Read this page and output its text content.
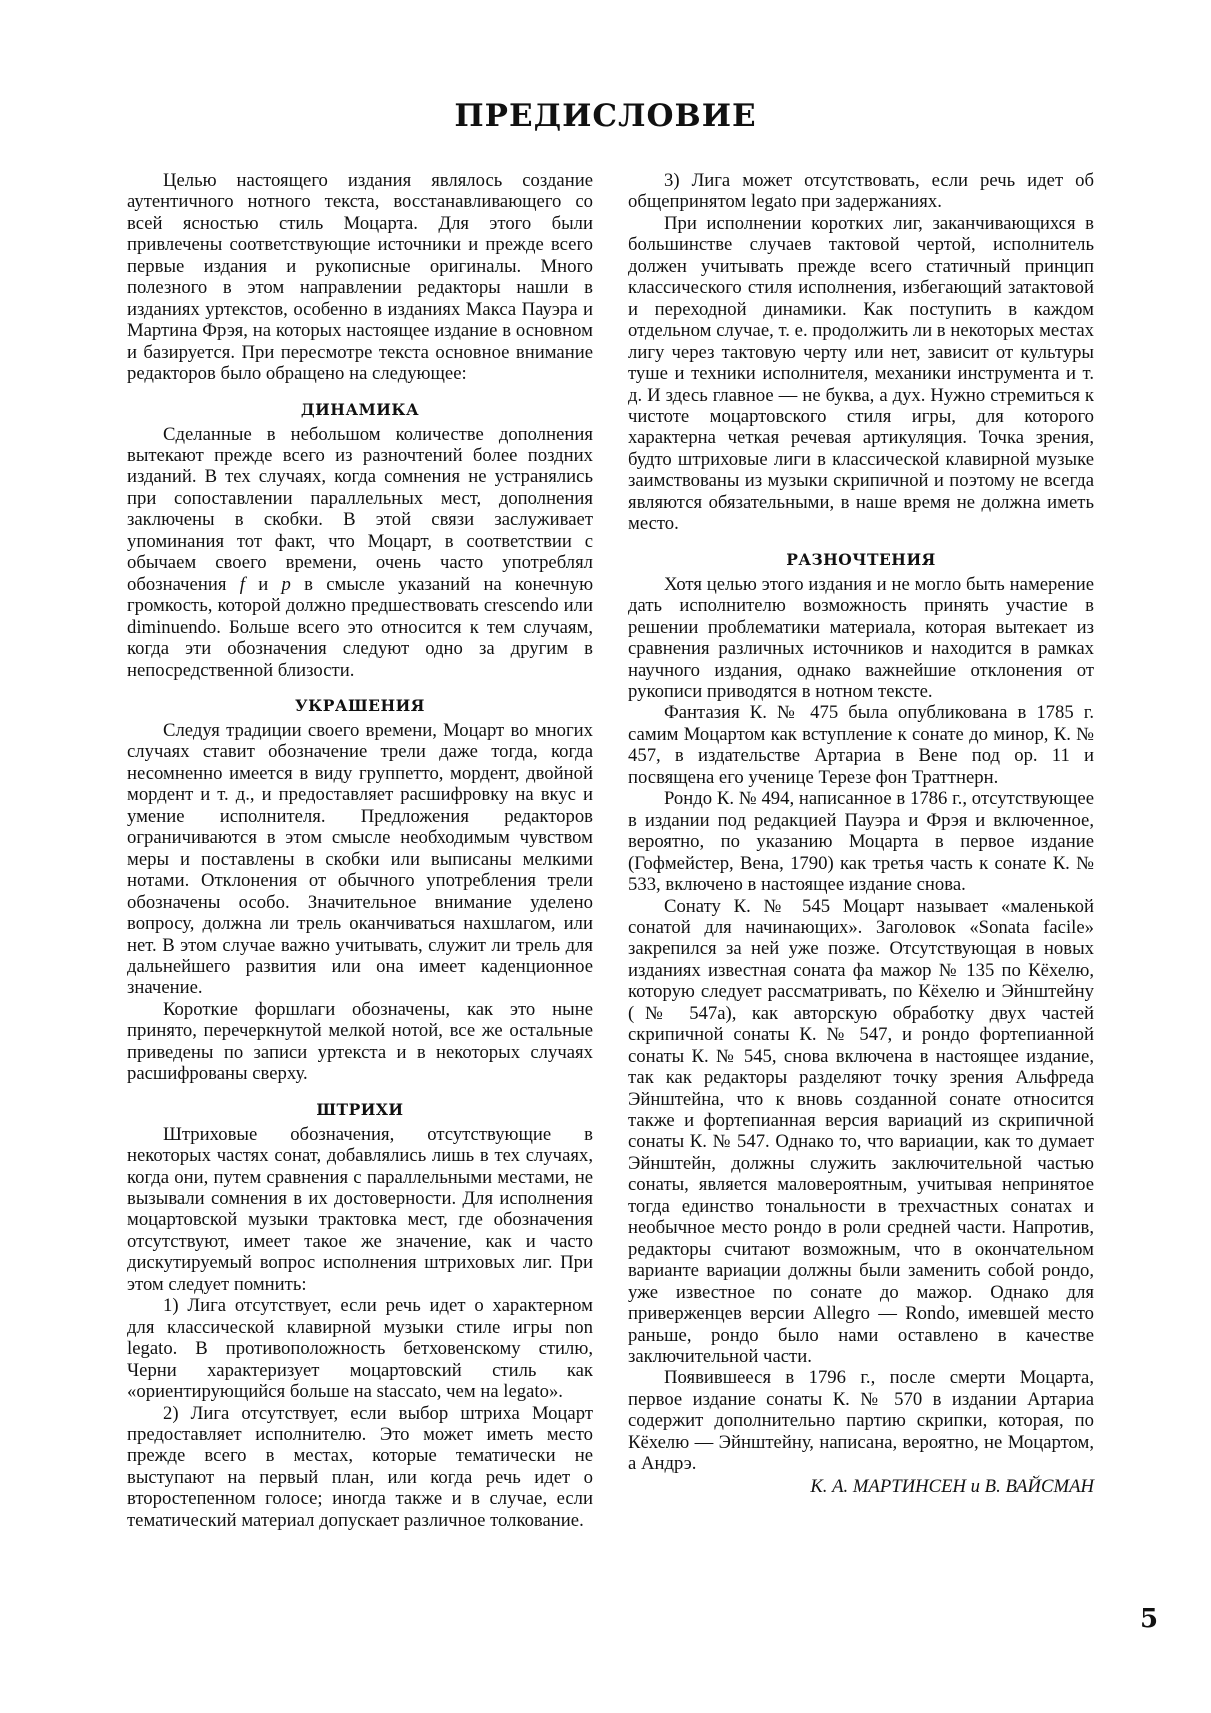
ПРЕДИСЛОВИЕ

Целью настоящего издания являлось создание аутентичного нотного текста, восстанавливающего со всей ясностью стиль Моцарта. Для этого были привлечены соответствующие источники и прежде всего первые издания и рукописные оригиналы. Много полезного в этом направлении редакторы нашли в изданиях уртекстов, особенно в изданиях Макса Пауэра и Мартина Фрэя, на которых настоящее издание в основном и базируется. При пересмотре текста основное внимание редакторов было обращено на следующее:

ДИНАМИКА

Сделанные в небольшом количестве дополнения вытекают прежде всего из разночтений более поздних изданий. В тех случаях, когда сомнения не устранялись при сопоставлении параллельных мест, дополнения заключены в скобки. В этой связи заслуживает упоминания тот факт, что Моцарт, в соответствии с обычаем своего времени, очень часто употреблял обозначения f и p в смысле указаний на конечную громкость, которой должно предшествовать crescendo или diminuendo. Больше всего это относится к тем случаям, когда эти обозначения следуют одно за другим в непосредственной близости.

УКРАШЕНИЯ

Следуя традиции своего времени, Моцарт во многих случаях ставит обозначение трели даже тогда, когда несомненно имеется в виду группетто, мордент, двойной мордент и т. д., и предоставляет расшифровку на вкус и умение исполнителя. Предложения редакторов ограничиваются в этом смысле необходимым чувством меры и поставлены в скобки или выписаны мелкими нотами. Отклонения от обычного употребления трели обозначены особо. Значительное внимание уделено вопросу, должна ли трель оканчиваться нахшлагом, или нет. В этом случае важно учитывать, служит ли трель для дальнейшего развития или она имеет каденционное значение.

Короткие форшлаги обозначены, как это ныне принято, перечеркнутой мелкой нотой, все же остальные приведены по записи уртекста и в некоторых случаях расшифрованы сверху.

ШТРИХИ

Штриховые обозначения, отсутствующие в некоторых частях сонат, добавлялись лишь в тех случаях, когда они, путем сравнения с параллельными местами, не вызывали сомнения в их достоверности. Для исполнения моцартовской музыки трактовка мест, где обозначения отсутствуют, имеет такое же значение, как и часто дискутируемый вопрос исполнения штриховых лиг. При этом следует помнить:

1) Лига отсутствует, если речь идет о характерном для классической клавирной музыки стиле игры non legato. В противоположность бетховенскому стилю, Черни характеризует моцартовский стиль как «ориентирующийся больше на staccato, чем на legato».

2) Лига отсутствует, если выбор штриха Моцарт предоставляет исполнителю. Это может иметь место прежде всего в местах, которые тематически не выступают на первый план, или когда речь идет о второстепенном голосе; иногда также и в случае, если тематический материал допускает различное толкование.

3) Лига может отсутствовать, если речь идет об общепринятом legato при задержаниях.

При исполнении коротких лиг, заканчивающихся в большинстве случаев тактовой чертой, исполнитель должен учитывать прежде всего статичный принцип классического стиля исполнения, избегающий затактовой и переходной динамики. Как поступить в каждом отдельном случае, т. е. продолжить ли в некоторых местах лигу через тактовую черту или нет, зависит от культуры туше и техники исполнителя, механики инструмента и т. д. И здесь главное — не буква, а дух. Нужно стремиться к чистоте моцартовского стиля игры, для которого характерна четкая речевая артикуляция. Точка зрения, будто штриховые лиги в классической клавирной музыке заимствованы из музыки скрипичной и поэтому не всегда являются обязательными, в наше время не должна иметь место.

РАЗНОЧТЕНИЯ

Хотя целью этого издания и не могло быть намерение дать исполнителю возможность принять участие в решении проблематики материала, которая вытекает из сравнения различных источников и находится в рамках научного издания, однако важнейшие отклонения от рукописи приводятся в нотном тексте.

Фантазия К. № 475 была опубликована в 1785 г. самим Моцартом как вступление к сонате до минор, К. № 457, в издательстве Артариа в Вене под ор. 11 и посвящена его ученице Терезе фон Траттнерн.

Рондо К. № 494, написанное в 1786 г., отсутствующее в издании под редакцией Пауэра и Фрэя и включенное, вероятно, по указанию Моцарта в первое издание (Гофмейстер, Вена, 1790) как третья часть к сонате К. № 533, включено в настоящее издание снова.

Сонату К. № 545 Моцарт называет «маленькой сонатой для начинающих». Заголовок «Sonata facile» закрепился за ней уже позже. Отсутствующая в новых изданиях известная соната фа мажор № 135 по Кёхелю, которую следует рассматривать, по Кёхелю и Эйнштейну (№ 547а), как авторскую обработку двух частей скрипичной сонаты К. № 547, и рондо фортепианной сонаты К. № 545, снова включена в настоящее издание, так как редакторы разделяют точку зрения Альфреда Эйнштейна, что к вновь созданной сонате относится также и фортепианная версия вариаций из скрипичной сонаты К. № 547. Однако то, что вариации, как то думает Эйнштейн, должны служить заключительной частью сонаты, является маловероятным, учитывая непринятое тогда единство тональности в трехчастных сонатах и необычное место рондо в роли средней части. Напротив, редакторы считают возможным, что в окончательном варианте вариации должны были заменить собой рондо, уже известное по сонате до мажор. Однако для приверженцев версии Allegro — Rondo, имевшей место раньше, рондо было нами оставлено в качестве заключительной части.

Появившееся в 1796 г., после смерти Моцарта, первое издание сонаты К. № 570 в издании Артариа содержит дополнительно партию скрипки, которая, по Кёхелю — Эйнштейну, написана, вероятно, не Моцартом, а Андрэ.

К. А. МАРТИНСЕН и В. ВАЙСМАН
5
